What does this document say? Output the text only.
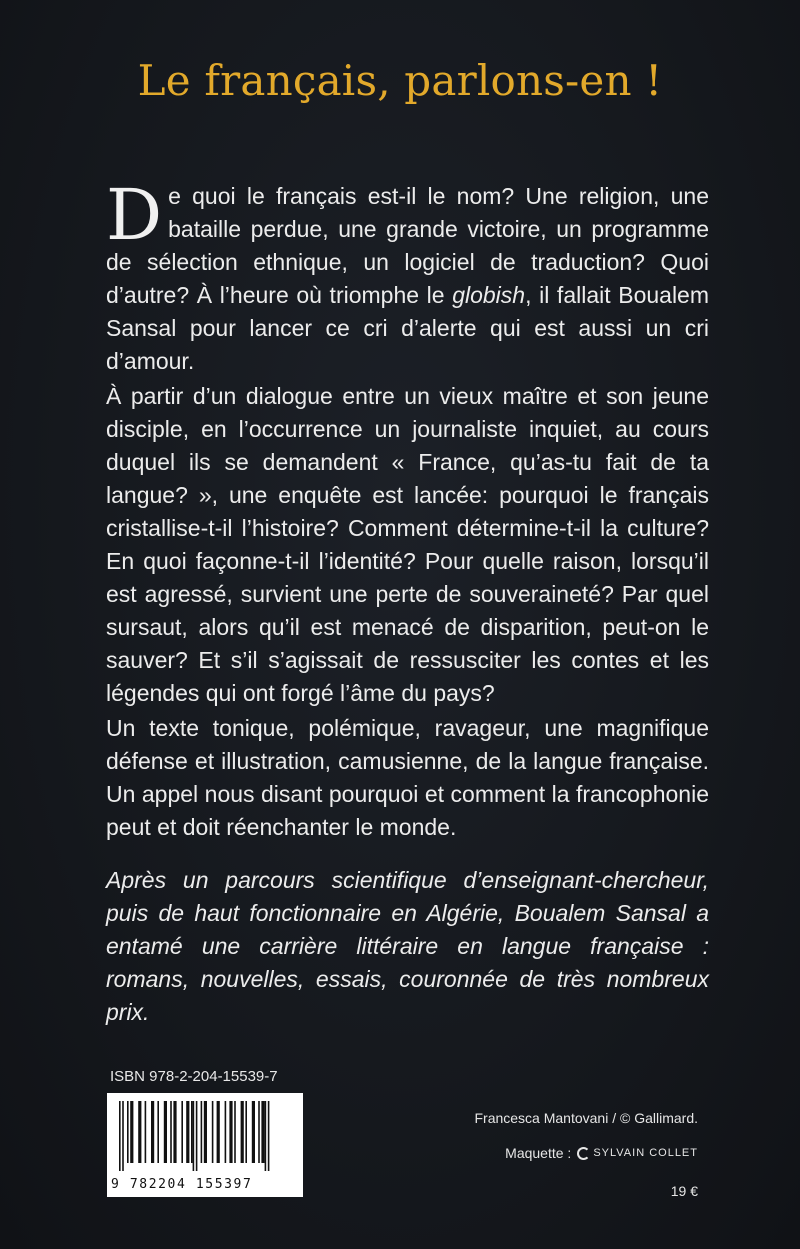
Le français, parlons-en !

De quoi le français est-il le nom? Une religion, une bataille perdue, une grande victoire, un programme de sélection ethnique, un logiciel de traduction? Quoi d’autre? À l’heure où triomphe le globish, il fallait Boualem Sansal pour lancer ce cri d’alerte qui est aussi un cri d’amour.

À partir d’un dialogue entre un vieux maître et son jeune disciple, en l’occurrence un journaliste inquiet, au cours duquel ils se demandent « France, qu’as-tu fait de ta langue? », une enquête est lancée: pourquoi le français cristallise-t-il l’histoire? Comment détermine-t-il la culture? En quoi façonne-t-il l’identité? Pour quelle raison, lorsqu’il est agressé, survient une perte de souveraineté? Par quel sursaut, alors qu’il est menacé de disparition, peut-on le sauver? Et s’il s’agissait de ressusciter les contes et les légendes qui ont forgé l’âme du pays?

Un texte tonique, polémique, ravageur, une magnifique défense et illustration, camusienne, de la langue française. Un appel nous disant pourquoi et comment la francophonie peut et doit réenchanter le monde.

Après un parcours scientifique d’enseignant-chercheur, puis de haut fonctionnaire en Algérie, Boualem Sansal a entamé une carrière littéraire en langue française : romans, nouvelles, essais, couronnée de très nombreux prix.

ISBN 978-2-204-15539-7
9 782204 155397
Francesca Mantovani / © Gallimard.
Maquette : SYLVAIN COLLET
19 €
